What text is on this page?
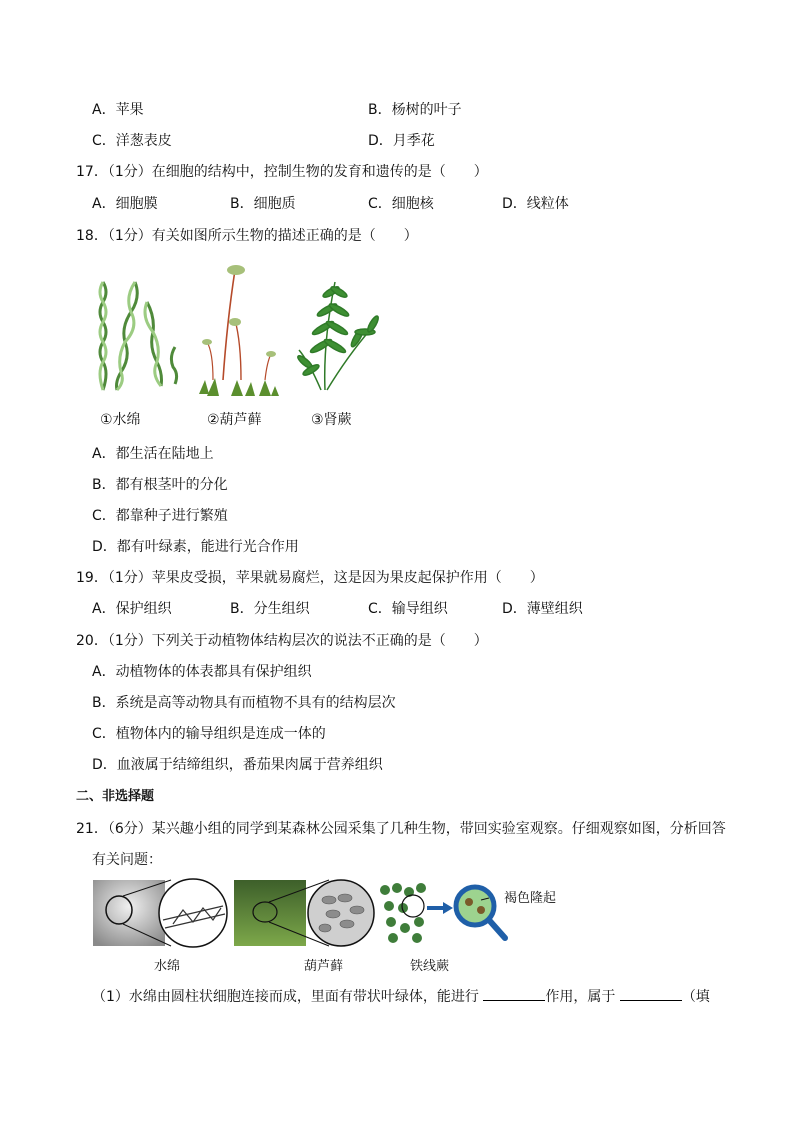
A．苹果	B．杨树的叶子
C．洋葱表皮	D．月季花
17．（1分）在细胞的结构中，控制生物的发育和遗传的是（　　）
A．细胞膜	B．细胞质	C．细胞核	D．线粒体
18．（1分）有关如图所示生物的描述正确的是（　　）
①水绵	②葫芦藓	③肾蕨
A．都生活在陆地上
B．都有根茎叶的分化
C．都靠种子进行繁殖
D．都有叶绿素，能进行光合作用
19．（1分）苹果皮受损，苹果就易腐烂，这是因为果皮起保护作用（　　）
A．保护组织	B．分生组织	C．输导组织	D．薄壁组织
20．（1分）下列关于动植物体结构层次的说法不正确的是（　　）
A．动植物体的体表都具有保护组织
B．系统是高等动物具有而植物不具有的结构层次
C．植物体内的输导组织是连成一体的
D．血液属于结缔组织，番茄果肉属于营养组织
二、非选择题
21．（6分）某兴趣小组的同学到某森林公园采集了几种生物，带回实验室观察。仔细观察如图，分析回答
有关问题：
褐色隆起
水绵	葫芦藓	铁线蕨
（1）水绵由圆柱状细胞连接而成，里面有带状叶绿体，能进行	作用，属于	（填
